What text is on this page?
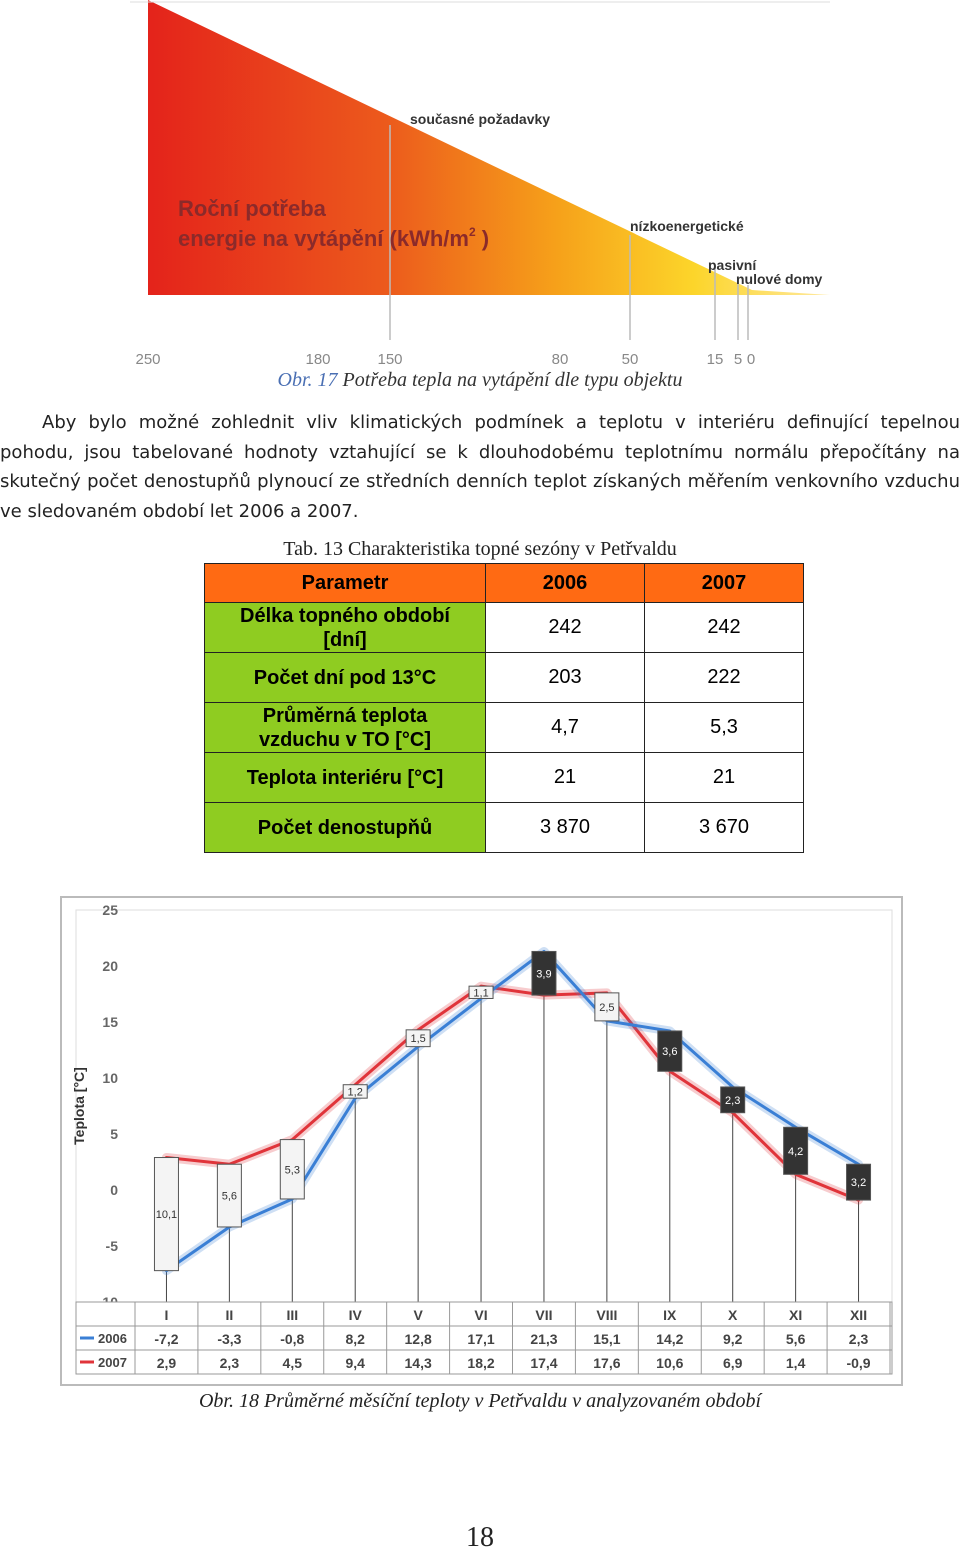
starší výstavba
současné požadavky
nízkoenergetické
pasivní
nulové domy
Roční potřeba
energie na vytápění ($kWh/m^2$ )
250	180	150	80	50	15 5 0
Obr. 17 Potřeba tepla na vytápění dle typu objektu

Aby bylo možné zohlednit vliv klimatických podmínek a teplotu v interiéru definující tepelnou pohodu, jsou tabelované hodnoty vztahující se k dlouhodobému teplotnímu normálu přepočítány na skutečný počet denostupňů plynoucí ze středních denních teplot získaných měřením venkovního vzduchu ve sledovaném období let 2006 a 2007.

Tab. 13 Charakteristika topné sezóny v Petřvaldu
Parametr	2006	2007
Délka topného období [dní]	242	242
Počet dní pod 13°C	203	222
Průměrná teplota vzduchu v TO [°C]	4,7	5,3
Teplota interiéru [°C]	21	21
Počet denostupňů	3 870	3 670
25
20
15
10
5
0
-5
Teplota [°C]
10,1
5,6
5,3
1,2
1,5
1,1
3,9
2,5
3,6
2,3
4,2
3,2
I	II	III	IV	V	VI	VII	VIII	IX	X	XI	XII
2006 -7,2	-3,3	-0,8	8,2	12,8	17,1	21,3	15,1	14,2	9,2	5,6	2,3
2007 2,9	2,3	4,5	9,4	14,3	18,2	17,4	17,6	10,6	6,9	1,4	-0,9
Obr. 18 Průměrné měsíční teploty v Petřvaldu v analyzovaném období
18
